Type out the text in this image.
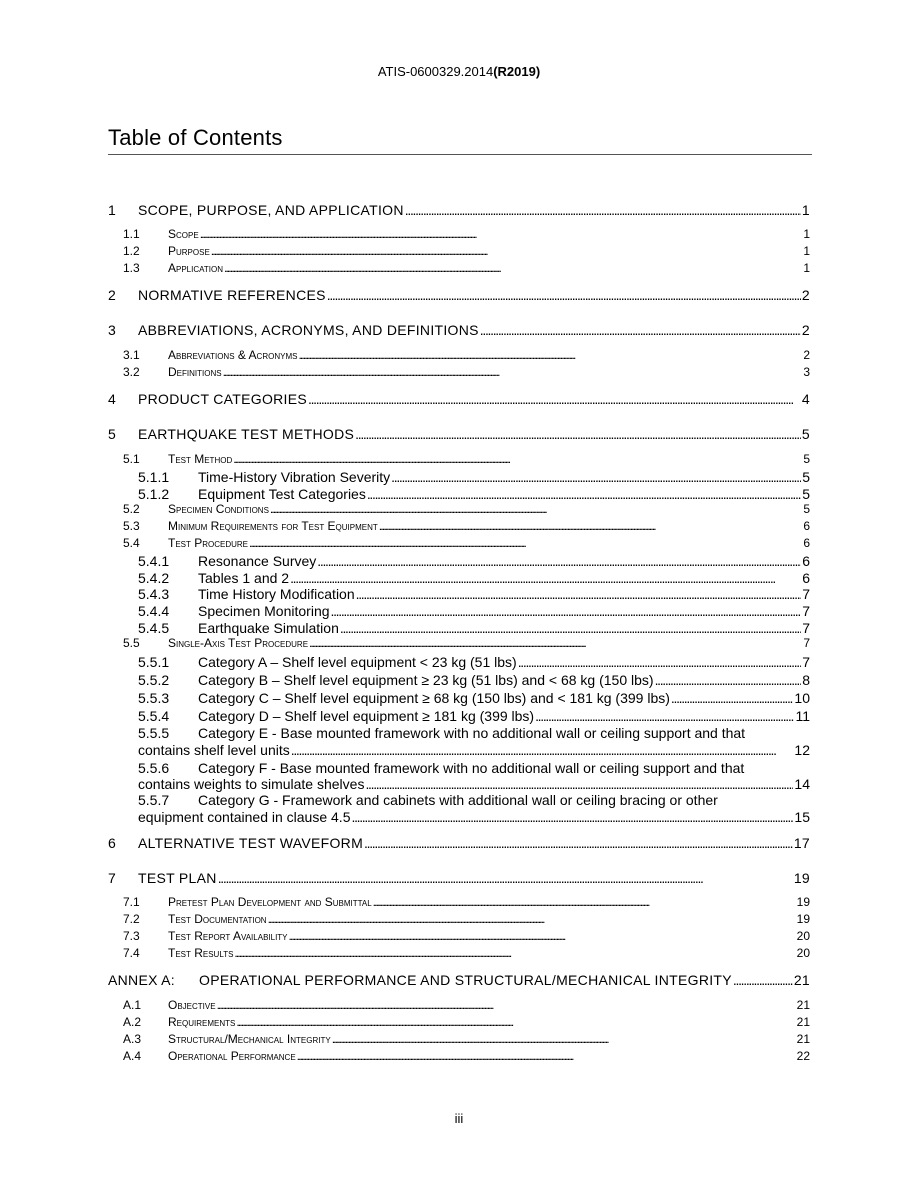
ATIS-0600329.2014(R2019)
Table of Contents
1	SCOPE, PURPOSE, AND APPLICATION . . .	1
1.1	Scope . . .	1
1.2	Purpose . . .	1
1.3	Application . . .	1
2	NORMATIVE REFERENCES . . .	2
3	ABBREVIATIONS, ACRONYMS, AND DEFINITIONS . . .	2
3.1	Abbreviations & Acronyms . . .	2
3.2	Definitions . . .	3
4	PRODUCT CATEGORIES . . .	4
5	EARTHQUAKE TEST METHODS . . .	5
5.1	Test Method . . .	5
5.1.1	Time-History Vibration Severity . . .	5
5.1.2	Equipment Test Categories . . .	5
5.2	Specimen Conditions . . .	5
5.3	Minimum Requirements for Test Equipment . . .	6
5.4	Test Procedure . . .	6
5.4.1	Resonance Survey . . .	6
5.4.2	Tables 1 and 2 . . .	6
5.4.3	Time History Modification . . .	7
5.4.4	Specimen Monitoring . . .	7
5.4.5	Earthquake Simulation . . .	7
5.5	Single-Axis Test Procedure . . .	7
5.5.1	Category A – Shelf level equipment < 23 kg (51 lbs) . . .	7
5.5.2	Category B – Shelf level equipment ≥ 23 kg (51 lbs) and < 68 kg (150 lbs) . . .	8
5.5.3	Category C – Shelf level equipment ≥ 68 kg (150 lbs) and < 181 kg (399 lbs) . . .	10
5.5.4	Category D – Shelf level equipment ≥ 181 kg (399 lbs) . . .	11
5.5.5 Category E - Base mounted framework with no additional wall or ceiling support and that
contains shelf level units . . .	12
5.5.6 Category F - Base mounted framework with no additional wall or ceiling support and that
contains weights to simulate shelves . . .	14
5.5.7 Category G - Framework and cabinets with additional wall or ceiling bracing or other
equipment contained in clause 4.5 . . .	15
6	ALTERNATIVE TEST WAVEFORM . . .	17
7	TEST PLAN . . .	19
7.1	Pretest Plan Development and Submittal . . .	19
7.2	Test Documentation . . .	19
7.3	Test Report Availability . . .	20
7.4	Test Results . . .	20
ANNEX A:	OPERATIONAL PERFORMANCE AND STRUCTURAL/MECHANICAL INTEGRITY . . .	21
A.1	Objective . . .	21
A.2	Requirements . . .	21
A.3	Structural/Mechanical Integrity . . .	21
A.4	Operational Performance . . .	22
iii
